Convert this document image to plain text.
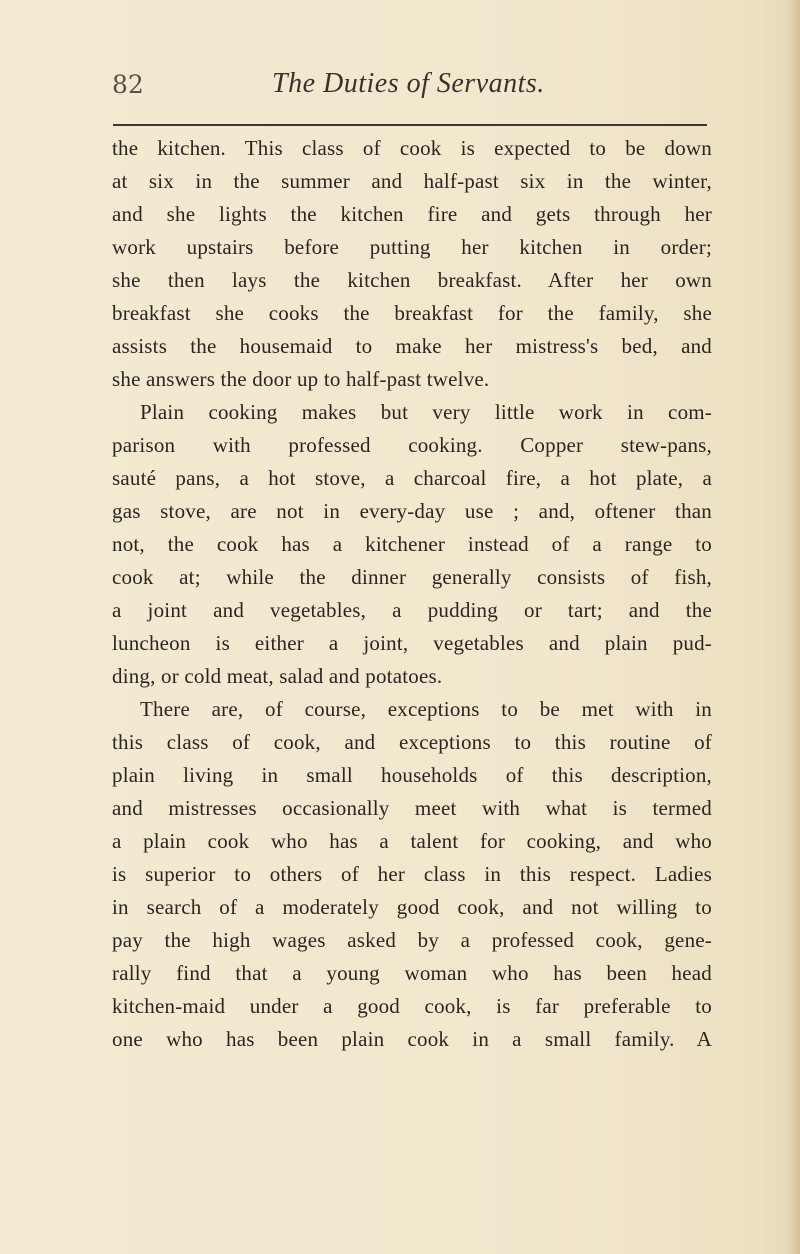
82	The Duties of Servants.
the kitchen. This class of cook is expected to be down
at six in the summer and half-past six in the winter,
and she lights the kitchen fire and gets through her
work upstairs before putting her kitchen in order;
she then lays the kitchen breakfast. After her own
breakfast she cooks the breakfast for the family, she
assists the housemaid to make her mistress's bed, and
she answers the door up to half-past twelve.
Plain cooking makes but very little work in com-
parison with professed cooking. Copper stew-pans,
sauté pans, a hot stove, a charcoal fire, a hot plate, a
gas stove, are not in every-day use ; and, oftener than
not, the cook has a kitchener instead of a range to
cook at; while the dinner generally consists of fish,
a joint and vegetables, a pudding or tart; and the
luncheon is either a joint, vegetables and plain pud-
ding, or cold meat, salad and potatoes.
There are, of course, exceptions to be met with in
this class of cook, and exceptions to this routine of
plain living in small households of this description,
and mistresses occasionally meet with what is termed
a plain cook who has a talent for cooking, and who
is superior to others of her class in this respect. Ladies
in search of a moderately good cook, and not willing to
pay the high wages asked by a professed cook, gene-
rally find that a young woman who has been head
kitchen-maid under a good cook, is far preferable to
one who has been plain cook in a small family. A
